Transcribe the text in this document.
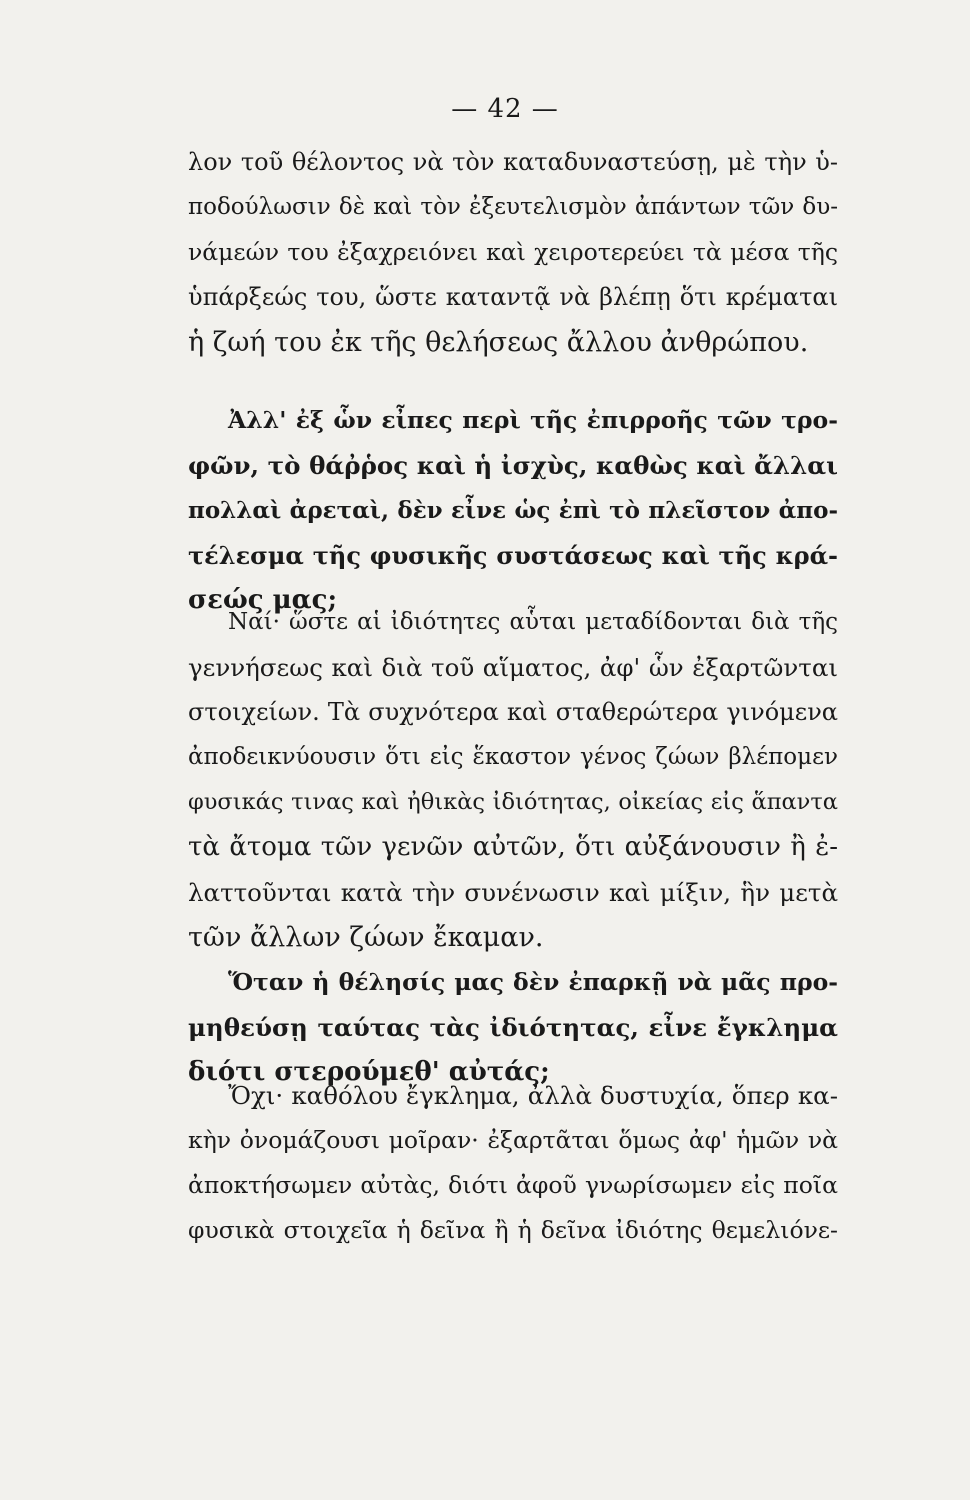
— 42 —
λον τοῦ θέλοντος νὰ τὸν καταδυναστεύσῃ, μὲ τὴν ὑ-
ποδούλωσιν δὲ καὶ τὸν ἐξευτελισμὸν ἀπάντων τῶν δυ-
νάμεών του ἐξαχρειόνει καὶ χειροτερεύει τὰ μέσα τῆς
ὑπάρξεώς του, ὥστε καταντᾷ νὰ βλέπῃ ὅτι κρέμαται
ἡ ζωή του ἐκ τῆς θελήσεως ἄλλου ἀνθρώπου.
Ἀλλ' ἐξ ὧν εἶπες περὶ τῆς ἐπιρροῆς τῶν τρο-
φῶν, τὸ θάῤῥος καὶ ἡ ἰσχὺς, καθὼς καὶ ἄλλαι
πολλαὶ ἀρεταὶ, δὲν εἶνε ὡς ἐπὶ τὸ πλεῖστον ἀπο-
τέλεσμα τῆς φυσικῆς συστάσεως καὶ τῆς κρά-
σεώς μας;
Ναί· ὥστε αἱ ἰδιότητες αὗται μεταδίδονται διὰ τῆς
γεννήσεως καὶ διὰ τοῦ αἵματος, ἀφ' ὧν ἐξαρτῶνται
στοιχείων. Τὰ συχνότερα καὶ σταθερώτερα γινόμενα
ἀποδεικνύουσιν ὅτι εἰς ἕκαστον γένος ζώων βλέπομεν
φυσικάς τινας καὶ ἠθικὰς ἰδιότητας, οἰκείας εἰς ἅπαντα
τὰ ἄτομα τῶν γενῶν αὐτῶν, ὅτι αὐξάνουσιν ἢ ἐ-
λαττοῦνται κατὰ τὴν συνένωσιν καὶ μίξιν, ἣν μετὰ
τῶν ἄλλων ζώων ἔκαμαν.
Ὅταν ἡ θέλησίς μας δὲν ἐπαρκῇ νὰ μᾶς προ-
μηθεύσῃ ταύτας τὰς ἰδιότητας, εἶνε ἔγκλημα
διότι στερούμεθ' αὐτάς;
Ὄχι· καθόλου ἔγκλημα, ἀλλὰ δυστυχία, ὅπερ κα-
κὴν ὀνομάζουσι μοῖραν· ἐξαρτᾶται ὅμως ἀφ' ἡμῶν νὰ
ἀποκτήσωμεν αὐτὰς, διότι ἀφοῦ γνωρίσωμεν εἰς ποῖα
φυσικὰ στοιχεῖα ἡ δεῖνα ἢ ἡ δεῖνα ἰδιότης θεμελιόνε-
